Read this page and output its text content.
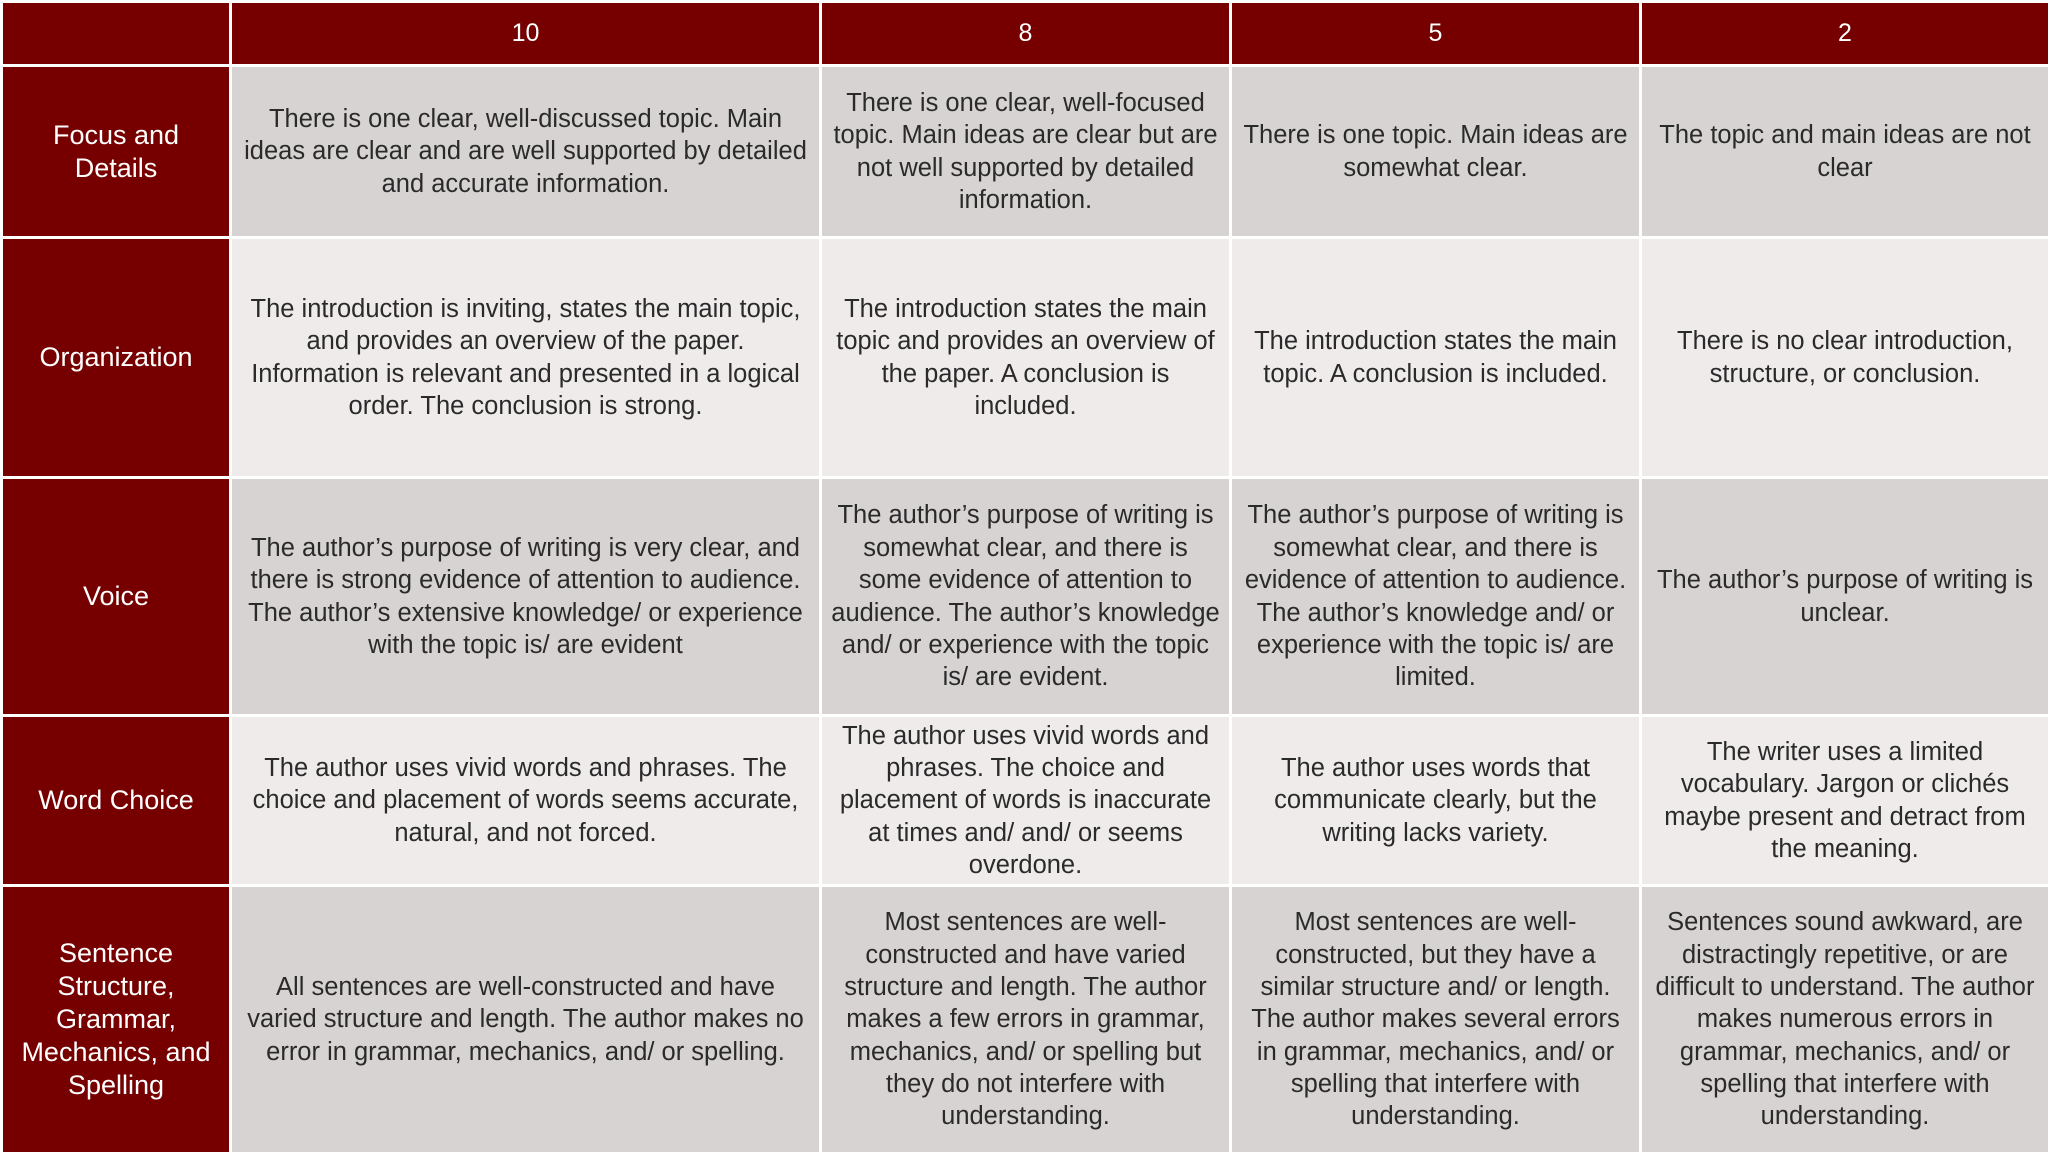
	10	8	5	2
Focus and Details	There is one clear, well-discussed topic. Main ideas are clear and are well supported by detailed and accurate information.	There is one clear, well-focused topic. Main ideas are clear but are not well supported by detailed information.	There is one topic. Main ideas are somewhat clear.	The topic and main ideas are not clear
Organization	The introduction is inviting, states the main topic, and provides an overview of the paper. Information is relevant and presented in a logical order. The conclusion is strong.	The introduction states the main topic and provides an overview of the paper. A conclusion is included.	The introduction states the main topic. A conclusion is included.	There is no clear introduction, structure, or conclusion.
Voice	The author’s purpose of writing is very clear, and there is strong evidence of attention to audience. The author’s extensive knowledge/ or experience with the topic is/ are evident	The author’s purpose of writing is somewhat clear, and there is some evidence of attention to audience. The author’s knowledge and/ or experience with the topic is/ are evident.	The author’s purpose of writing is somewhat clear, and there is evidence of attention to audience. The author’s knowledge and/ or experience with the topic is/ are limited.	The author’s purpose of writing is unclear.
Word Choice	The author uses vivid words and phrases. The choice and placement of words seems accurate, natural, and not forced.	The author uses vivid words and phrases. The choice and placement of words is inaccurate at times and/ and/ or seems overdone.	The author uses words that communicate clearly, but the writing lacks variety.	The writer uses a limited vocabulary. Jargon or clichés maybe present and detract from the meaning.
Sentence Structure, Grammar, Mechanics, and Spelling	All sentences are well-constructed and have varied structure and length. The author makes no error in grammar, mechanics, and/ or spelling.	Most sentences are well-constructed and have varied structure and length. The author makes a few errors in grammar, mechanics, and/ or spelling but they do not interfere with understanding.	Most sentences are well-constructed, but they have a similar structure and/ or length. The author makes several errors in grammar, mechanics, and/ or spelling that interfere with understanding.	Sentences sound awkward, are distractingly repetitive, or are difficult to understand. The author makes numerous errors in grammar, mechanics, and/ or spelling that interfere with understanding.
